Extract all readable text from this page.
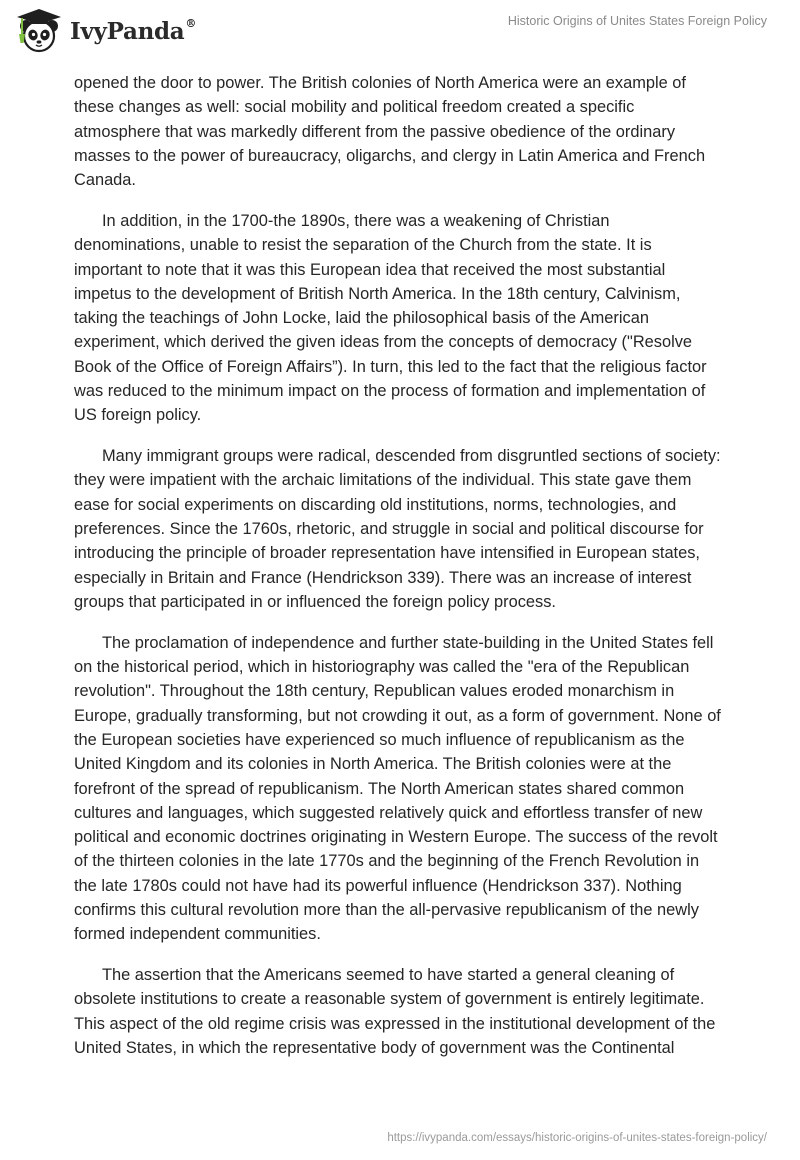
IvyPanda®	Historic Origins of Unites States Foreign Policy

opened the door to power. The British colonies of North America were an example of these changes as well: social mobility and political freedom created a specific atmosphere that was markedly different from the passive obedience of the ordinary masses to the power of bureaucracy, oligarchs, and clergy in Latin America and French Canada.

In addition, in the 1700-the 1890s, there was a weakening of Christian denominations, unable to resist the separation of the Church from the state. It is important to note that it was this European idea that received the most substantial impetus to the development of British North America. In the 18th century, Calvinism, taking the teachings of John Locke, laid the philosophical basis of the American experiment, which derived the given ideas from the concepts of democracy ("Resolve Book of the Office of Foreign Affairs”). In turn, this led to the fact that the religious factor was reduced to the minimum impact on the process of formation and implementation of US foreign policy.

Many immigrant groups were radical, descended from disgruntled sections of society: they were impatient with the archaic limitations of the individual. This state gave them ease for social experiments on discarding old institutions, norms, technologies, and preferences. Since the 1760s, rhetoric, and struggle in social and political discourse for introducing the principle of broader representation have intensified in European states, especially in Britain and France (Hendrickson 339). There was an increase of interest groups that participated in or influenced the foreign policy process.

The proclamation of independence and further state-building in the United States fell on the historical period, which in historiography was called the "era of the Republican revolution". Throughout the 18th century, Republican values eroded monarchism in Europe, gradually transforming, but not crowding it out, as a form of government. None of the European societies have experienced so much influence of republicanism as the United Kingdom and its colonies in North America. The British colonies were at the forefront of the spread of republicanism. The North American states shared common cultures and languages, which suggested relatively quick and effortless transfer of new political and economic doctrines originating in Western Europe. The success of the revolt of the thirteen colonies in the late 1770s and the beginning of the French Revolution in the late 1780s could not have had its powerful influence (Hendrickson 337). Nothing confirms this cultural revolution more than the all-pervasive republicanism of the newly formed independent communities.

The assertion that the Americans seemed to have started a general cleaning of obsolete institutions to create a reasonable system of government is entirely legitimate. This aspect of the old regime crisis was expressed in the institutional development of the United States, in which the representative body of government was the Continental

https://ivypanda.com/essays/historic-origins-of-unites-states-foreign-policy/
